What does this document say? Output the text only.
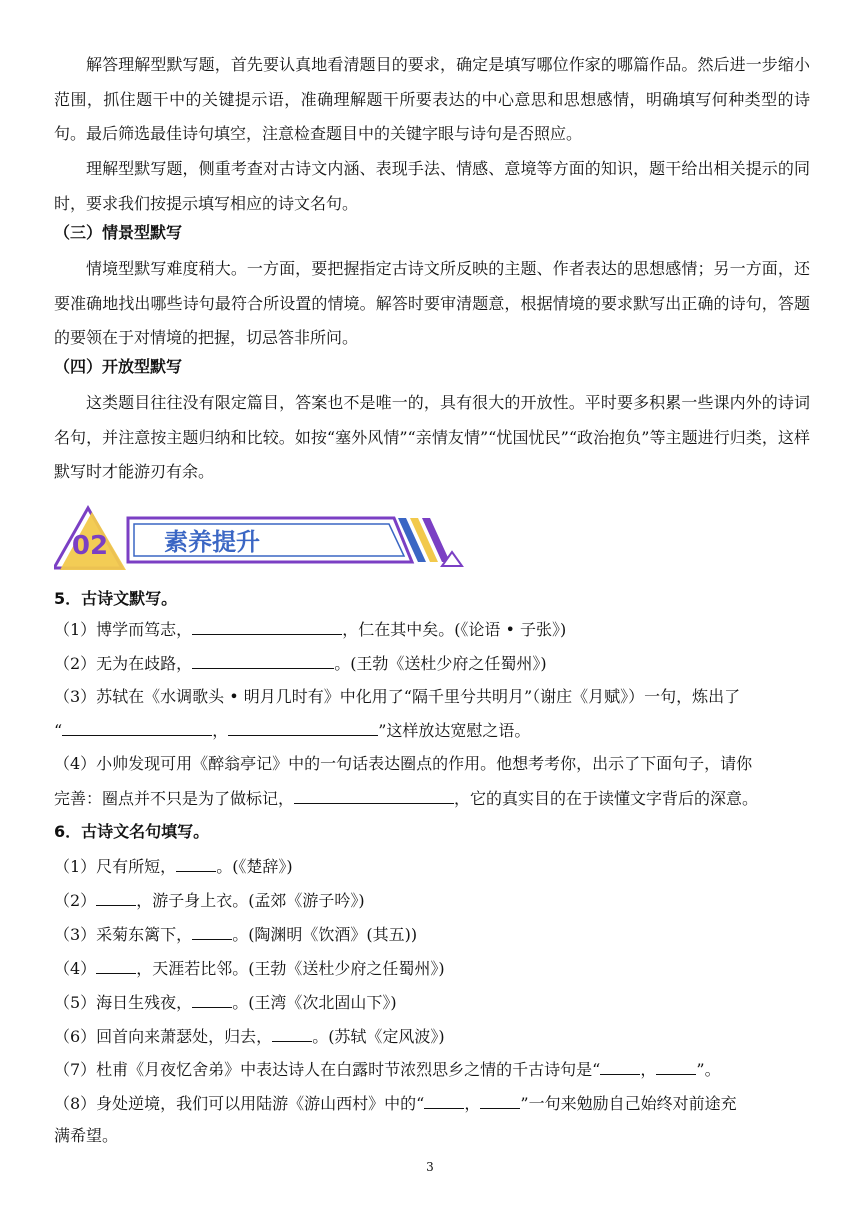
解答理解型默写题，首先要认真地看清题目的要求，确定是填写哪位作家的哪篇作品。然后进一步缩小范围，抓住题干中的关键提示语，准确理解题干所要表达的中心意思和思想感情，明确填写何种类型的诗句。最后筛选最佳诗句填空，注意检查题目中的关键字眼与诗句是否照应。

理解型默写题，侧重考查对古诗文内涵、表现手法、情感、意境等方面的知识，题干给出相关提示的同时，要求我们按提示填写相应的诗文名句。

（三）情景型默写

情境型默写难度稍大。一方面，要把握指定古诗文所反映的主题、作者表达的思想感情；另一方面，还要准确地找出哪些诗句最符合所设置的情境。解答时要审清题意，根据情境的要求默写出正确的诗句，答题的要领在于对情境的把握，切忌答非所问。

（四）开放型默写

这类题目往往没有限定篇目，答案也不是唯一的，具有很大的开放性。平时要多积累一些课内外的诗词名句，并注意按主题归纳和比较。如按“塞外风情”“亲情友情”“忧国忧民”“政治抱负”等主题进行归类，这样默写时才能游刃有余。

02 素养提升
5．古诗文默写。
（1）博学而笃志，	，仁在其中矣。(《论语 • 子张》)
（2）无为在歧路，	。(王勃《送杜少府之任蜀州》)
（3）苏轼在《水调歌头 • 明月几时有》中化用了“隔千里兮共明月”（谢庄《月赋》）一句，炼出了
“	，	”这样放达宽慰之语。
（4）小帅发现可用《醉翁亭记》中的一句话表达圈点的作用。他想考考你，出示了下面句子，请你
完善：圈点并不只是为了做标记，	，它的真实目的在于读懂文字背后的深意。
6．古诗文名句填写。
（1）尺有所短，	。(《楚辞》)
（2）	，游子身上衣。(孟郊《游子吟》)
（3）采菊东篱下，	。(陶渊明《饮酒》(其五))
（4）	，天涯若比邻。(王勃《送杜少府之任蜀州》)
（5）海日生残夜，	。(王湾《次北固山下》)
（6）回首向来萧瑟处，归去，	。(苏轼《定风波》)
（7）杜甫《月夜忆舍弟》中表达诗人在白露时节浓烈思乡之情的千古诗句是“	，	”。
（8）身处逆境，我们可以用陆游《游山西村》中的“	，	”一句来勉励自己始终对前途充
满希望。
3
